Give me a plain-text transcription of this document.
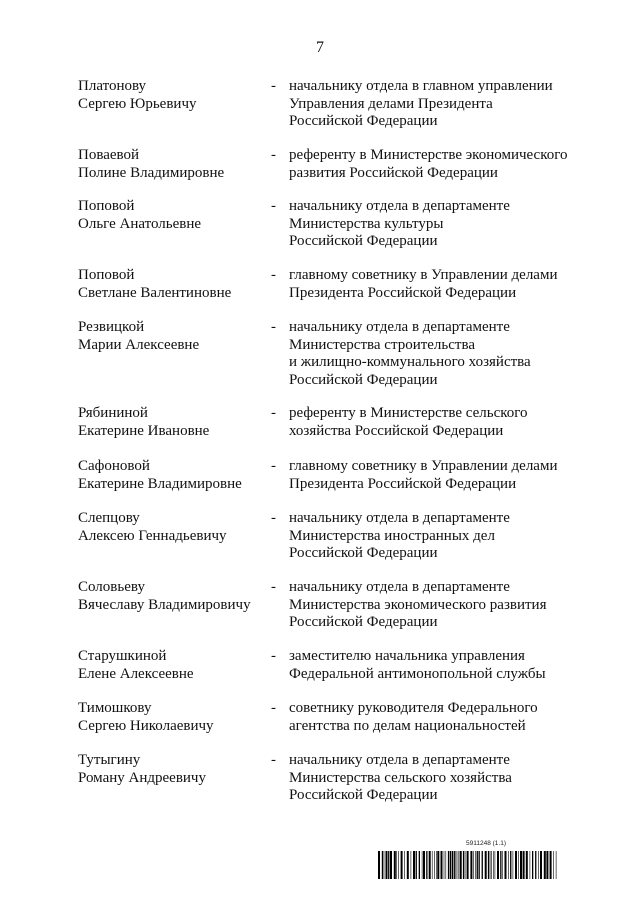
7
Платонову
Сергею Юрьевичу
- начальнику отдела в главном управлении
Управления делами Президента
Российской Федерации
Поваевой
Полине Владимировне
- референту в Министерстве экономического
развития Российской Федерации
Поповой
Ольге Анатольевне
- начальнику отдела в департаменте
Министерства культуры
Российской Федерации
Поповой
Светлане Валентиновне
- главному советнику в Управлении делами
Президента Российской Федерации
Резвицкой
Марии Алексеевне
- начальнику отдела в департаменте
Министерства строительства
и жилищно-коммунального хозяйства
Российской Федерации
Рябининой
Екатерине Ивановне
- референту в Министерстве сельского
хозяйства Российской Федерации
Сафоновой
Екатерине Владимировне
- главному советнику в Управлении делами
Президента Российской Федерации
Слепцову
Алексею Геннадьевичу
- начальнику отдела в департаменте
Министерства иностранных дел
Российской Федерации
Соловьеву
Вячеславу Владимировичу
- начальнику отдела в департаменте
Министерства экономического развития
Российской Федерации
Старушкиной
Елене Алексеевне
- заместителю начальника управления
Федеральной антимонопольной службы
Тимошкову
Сергею Николаевичу
- советнику руководителя Федерального
агентства по делам национальностей
Тутыгину
Роману Андреевичу
- начальнику отдела в департаменте
Министерства сельского хозяйства
Российской Федерации
5911248 (1.1)
